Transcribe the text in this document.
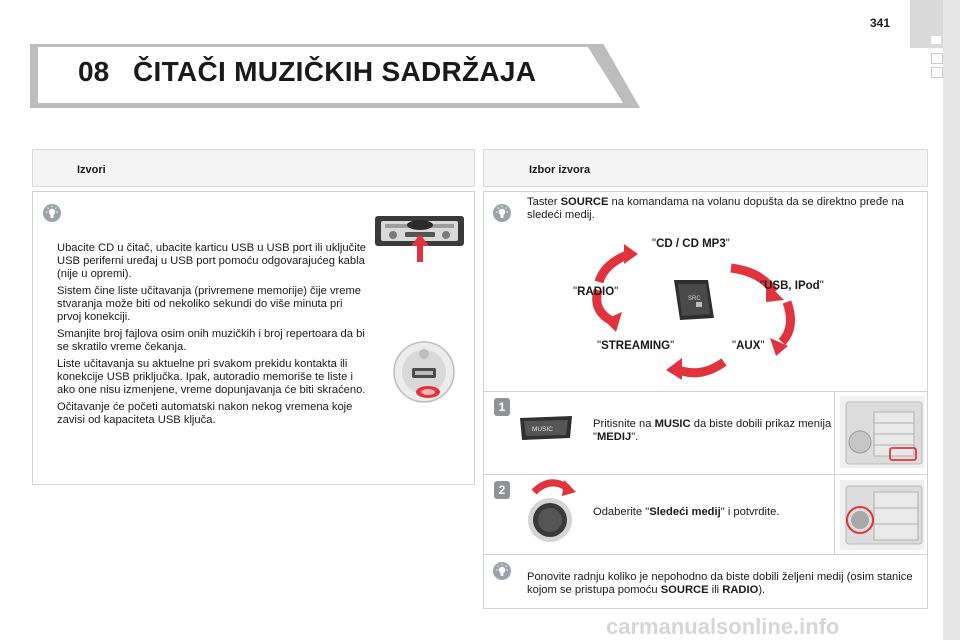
341
08 ČITAČI MUZIČKIH SADRŽAJA
Izvori

Ubacite CD u čitač, ubacite karticu USB u USB port ili uključite USB periferni uređaj u USB port pomoću odgovarajućeg kabla (nije u opremi).

Sistem čine liste učitavanja (privremene memorije) čije vreme stvaranja može biti od nekoliko sekundi do više minuta pri prvoj konekciji.

Smanjite broj fajlova osim onih muzičkih i broj repertoara da bi se skratilo vreme čekanja.

Liste učitavanja su aktuelne pri svakom prekidu kontakta ili konekcije USB priključka. Ipak, autoradio memoriše te liste i ako one nisu izmenjene, vreme dopunjavanja će biti skraćeno.

Očitavanje će početi automatski nakon nekog vremena koje zavisi od kapaciteta USB ključa.

Izbor izvora
Taster SOURCE na komandama na volanu dopušta da se direktno pređe na sledeći medij.
SRC
"CD / CD MP3"
"USB, IPod"
"AUX"
"STREAMING"
"RADIO"
1
MUSIC	Pritisnite na MUSIC da biste dobili prikaz menija "MEDIJ".
2
Odaberite "Sledeći medij" i potvrdite.
Ponovite radnju koliko je nepohodno da biste dobili željeni medij (osim stanice kojom se pristupa pomoću SOURCE ili RADIO).
carmanualsonline.info
